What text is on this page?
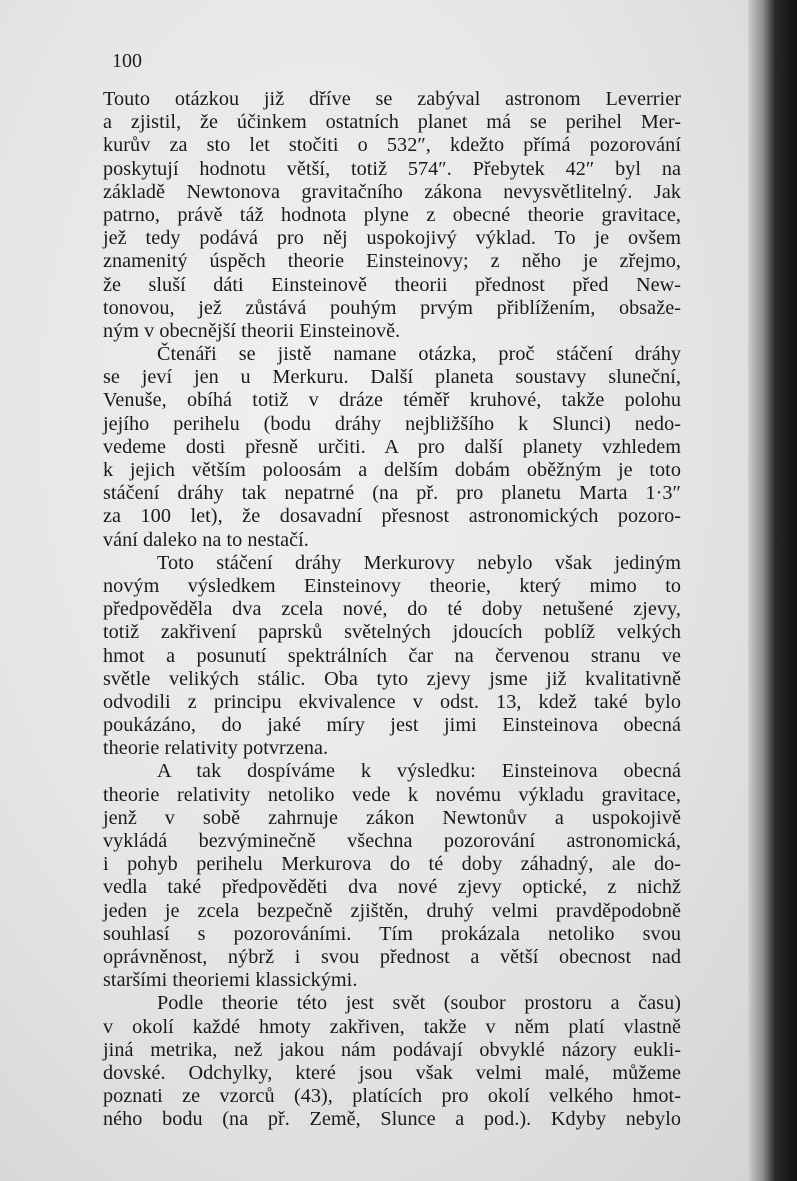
100
Touto otázkou již dříve se zabýval astronom Leverrier
a zjistil, že účinkem ostatních planet má se perihel Mer-
kurův za sto let stočiti o 532″, kdežto přímá pozorování
poskytují hodnotu větší, totiž 574″. Přebytek 42″ byl na
základě Newtonova gravitačního zákona nevysvětlitelný. Jak
patrno, právě táž hodnota plyne z obecné theorie gravitace,
jež tedy podává pro něj uspokojivý výklad. To je ovšem
znamenitý úspěch theorie Einsteinovy; z něho je zřejmo,
že sluší dáti Einsteinově theorii přednost před New-
tonovou, jež zůstává pouhým prvým přiblížením, obsaže-
ným v obecnější theorii Einsteinově.
Čtenáři se jistě namane otázka, proč stáčení dráhy
se jeví jen u Merkuru. Další planeta soustavy sluneční,
Venuše, obíhá totiž v dráze téměř kruhové, takže polohu
jejího perihelu (bodu dráhy nejbližšího k Slunci) nedo-
vedeme dosti přesně určiti. A pro další planety vzhledem
k jejich větším poloosám a delším dobám oběžným je toto
stáčení dráhy tak nepatrné (na př. pro planetu Marta 1·3″
za 100 let), že dosavadní přesnost astronomických pozoro-
vání daleko na to nestačí.
Toto stáčení dráhy Merkurovy nebylo však jediným
novým výsledkem Einsteinovy theorie, který mimo to
předpověděla dva zcela nové, do té doby netušené zjevy,
totiž zakřivení paprsků světelných jdoucích poblíž velkých
hmot a posunutí spektrálních čar na červenou stranu ve
světle velikých stálic. Oba tyto zjevy jsme již kvalitativně
odvodili z principu ekvivalence v odst. 13, kdež také bylo
poukázáno, do jaké míry jest jimi Einsteinova obecná
theorie relativity potvrzena.
A tak dospíváme k výsledku: Einsteinova obecná
theorie relativity netoliko vede k novému výkladu gravitace,
jenž v sobě zahrnuje zákon Newtonův a uspokojivě
vykládá bezvýminečně všechna pozorování astronomická,
i pohyb perihelu Merkurova do té doby záhadný, ale do-
vedla také předpověděti dva nové zjevy optické, z nichž
jeden je zcela bezpečně zjištěn, druhý velmi pravděpodobně
souhlasí s pozorováními. Tím prokázala netoliko svou
oprávněnost, nýbrž i svou přednost a větší obecnost nad
staršími theoriemi klassickými.
Podle theorie této jest svět (soubor prostoru a času)
v okolí každé hmoty zakřiven, takže v něm platí vlastně
jiná metrika, než jakou nám podávají obvyklé názory eukli-
dovské. Odchylky, které jsou však velmi malé, můžeme
poznati ze vzorců (43), platících pro okolí velkého hmot-
ného bodu (na př. Země, Slunce a pod.). Kdyby nebylo
